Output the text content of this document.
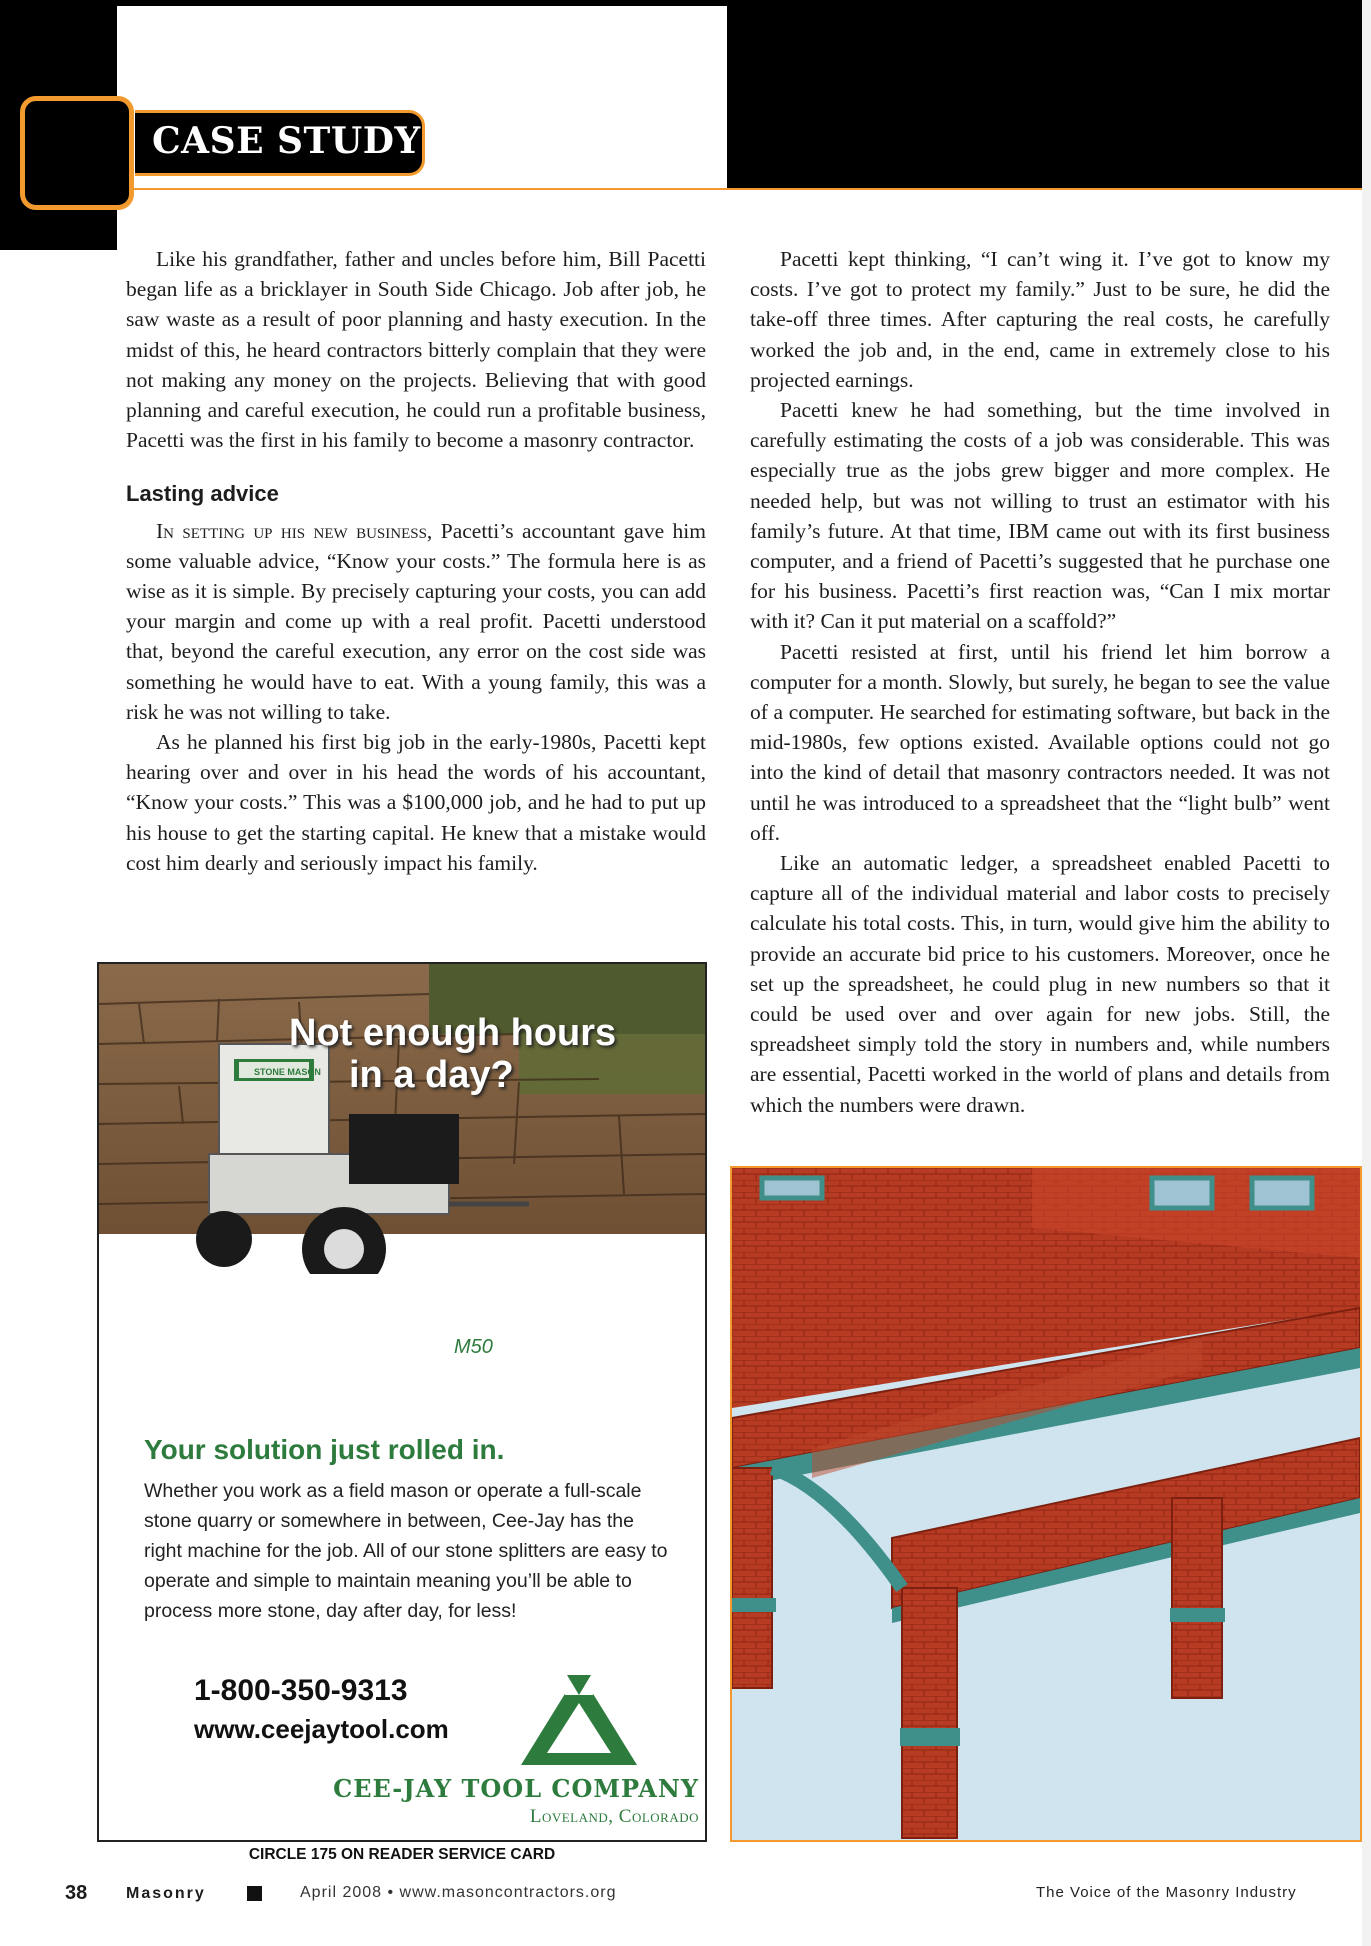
CASE STUDY

Like his grandfather, father and uncles before him, Bill Pacetti began life as a bricklayer in South Side Chicago. Job after job, he saw waste as a result of poor planning and hasty execution. In the midst of this, he heard contractors bitterly complain that they were not making any money on the projects. Believing that with good planning and careful execution, he could run a profitable business, Pacetti was the first in his family to become a masonry contractor.

Lasting advice

In setting up his new business, Pacetti’s accountant gave him some valuable advice, “Know your costs.” The formula here is as wise as it is simple. By precisely capturing your costs, you can add your margin and come up with a real profit. Pacetti understood that, beyond the careful execution, any error on the cost side was something he would have to eat. With a young family, this was a risk he was not willing to take.

As he planned his first big job in the early-1980s, Pacetti kept hearing over and over in his head the words of his accountant, “Know your costs.” This was a $100,000 job, and he had to put up his house to get the starting capital. He knew that a mistake would cost him dearly and seriously impact his family.

Pacetti kept thinking, “I can’t wing it. I’ve got to know my costs. I’ve got to protect my family.” Just to be sure, he did the take-off three times. After capturing the real costs, he carefully worked the job and, in the end, came in extremely close to his projected earnings.

Pacetti knew he had something, but the time involved in carefully estimating the costs of a job was considerable. This was especially true as the jobs grew bigger and more complex. He needed help, but was not willing to trust an estimator with his family’s future. At that time, IBM came out with its first business computer, and a friend of Pacetti’s suggested that he purchase one for his business. Pacetti’s first reaction was, “Can I mix mortar with it? Can it put material on a scaffold?”

Pacetti resisted at first, until his friend let him borrow a computer for a month. Slowly, but surely, he began to see the value of a computer. He searched for estimating software, but back in the mid-1980s, few options existed. Available options could not go into the kind of detail that masonry contractors needed. It was not until he was introduced to a spreadsheet that the “light bulb” went off.

Like an automatic ledger, a spreadsheet enabled Pacetti to capture all of the individual material and labor costs to precisely calculate his total costs. This, in turn, would give him the ability to provide an accurate bid price to his customers. Moreover, once he set up the spreadsheet, he could plug in new numbers so that it could be used over and over again for new jobs. Still, the spreadsheet simply told the story in numbers and, while numbers are essential, Pacetti worked in the world of plans and details from which the numbers were drawn.

STONE MASON
Not enough hours
in a day?
M50
Your solution just rolled in.
Whether you work as a field mason or operate a full-scale stone quarry or somewhere in between, Cee-Jay has the right machine for the job. All of our stone splitters are easy to operate and simple to maintain meaning you’ll be able to process more stone, day after day, for less!
1-800-350-9313
www.ceejaytool.com
CEE-JAY TOOL COMPANY
Loveland, Colorado
CIRCLE 175 ON READER SERVICE CARD
38 Masonry	April 2008 • www.masoncontractors.org	The Voice of the Masonry Industry
